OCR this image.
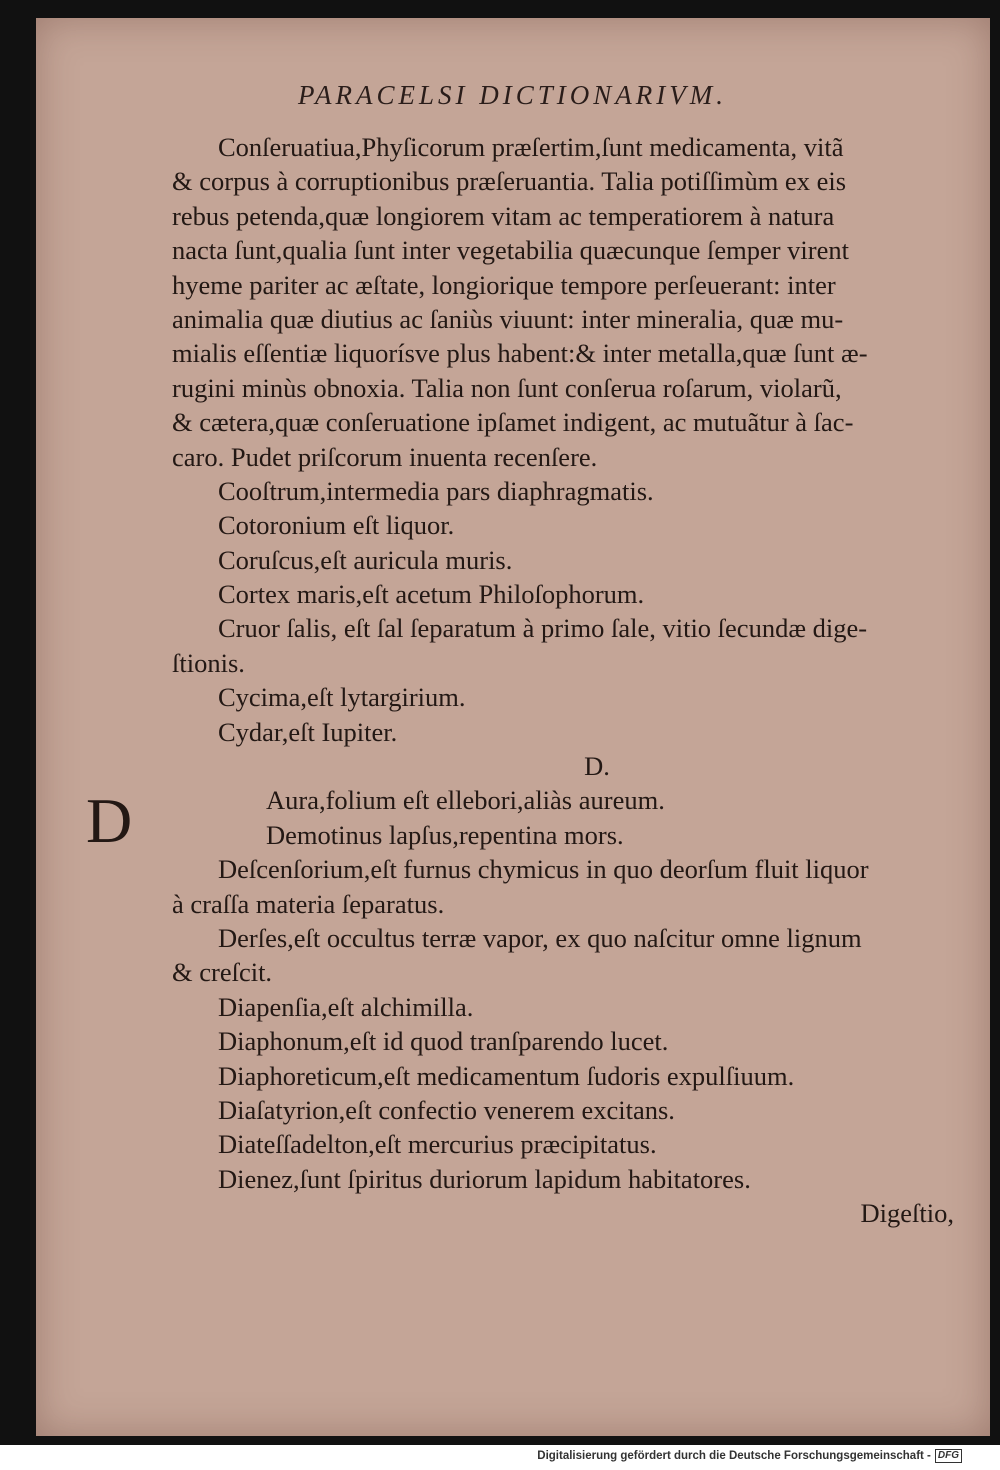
PARACELSI DICTIONARIVM.
Conſeruatiua,Phyſicorum præſertim,ſunt medicamenta, vitã
& corpus à corruptionibus præſeruantia. Talia potiſſimùm ex eis
rebus petenda,quæ longiorem vitam ac temperatiorem à natura
nacta ſunt,qualia ſunt inter vegetabilia quæcunque ſemper virent
hyeme pariter ac æſtate, longiorique tempore perſeuerant: inter
animalia quæ diutius ac ſaniùs viuunt: inter mineralia, quæ mu-
mialis eſſentiæ liquorísve plus habent:& inter metalla,quæ ſunt æ-
rugini minùs obnoxia. Talia non ſunt conſerua roſarum, violarũ,
& cætera,quæ conſeruatione ipſamet indigent, ac mutuãtur à ſac-
caro. Pudet priſcorum inuenta recenſere.
Cooſtrum,intermedia pars diaphragmatis.
Cotoronium eſt liquor.
Coruſcus,eſt auricula muris.
Cortex maris,eſt acetum Philoſophorum.
Cruor ſalis, eſt ſal ſeparatum à primo ſale, vitio ſecundæ dige-
ſtionis.
Cycima,eſt lytargirium.
Cydar,eſt Iupiter.
D.
Aura,folium eſt ellebori,aliàs aureum.
Demotinus lapſus,repentina mors.
Deſcenſorium,eſt furnus chymicus in quo deorſum fluit liquor
à craſſa materia ſeparatus.
Derſes,eſt occultus terræ vapor, ex quo naſcitur omne lignum
& creſcit.
Diapenſia,eſt alchimilla.
Diaphonum,eſt id quod tranſparendo lucet.
Diaphoreticum,eſt medicamentum ſudoris expulſiuum.
Diaſatyrion,eſt confectio venerem excitans.
Diateſſadelton,eſt mercurius præcipitatus.
Dienez,ſunt ſpiritus duriorum lapidum habitatores.
Digeſtio,
D
Digitalisierung gefördert durch die Deutsche Forschungsgemeinschaft - DFG
